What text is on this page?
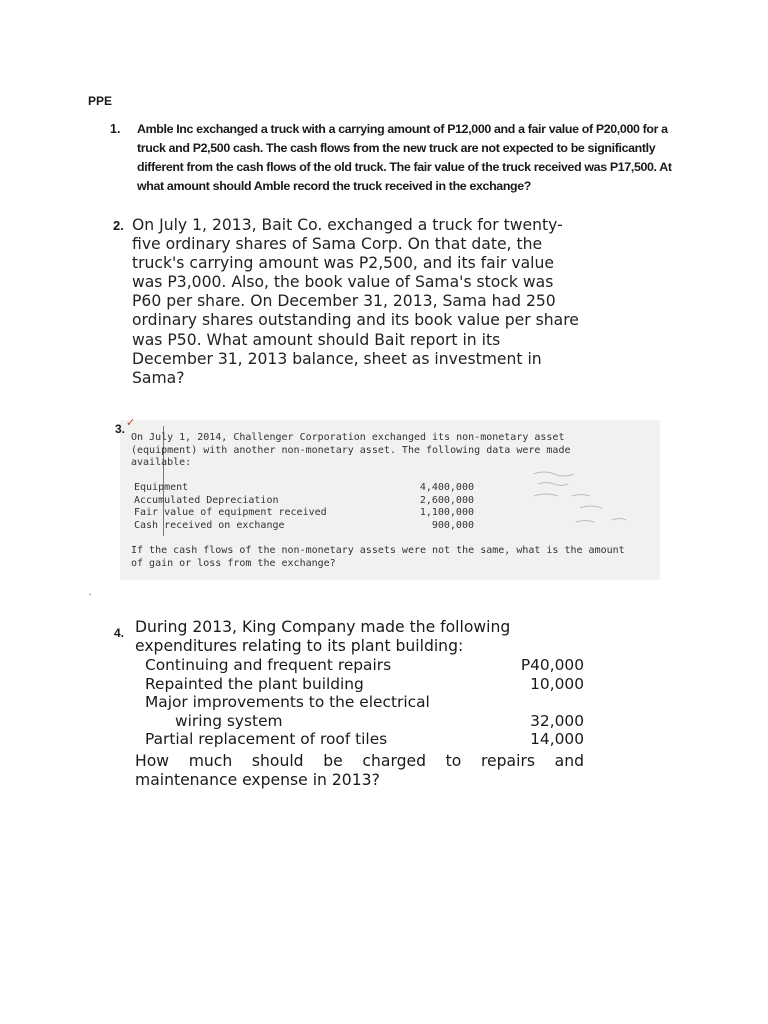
PPE
1. Amble Inc exchanged a truck with a carrying amount of P12,000 and a fair value of P20,000 for a truck and P2,500 cash. The cash flows from the new truck are not expected to be significantly different from the cash flows of the old truck. The fair value of the truck received was P17,500. At what amount should Amble record the truck received in the exchange?
2. On July 1, 2013, Bait Co. exchanged a truck for twenty-five ordinary shares of Sama Corp. On that date, the truck's carrying amount was P2,500, and its fair value was P3,000. Also, the book value of Sama's stock was P60 per share. On December 31, 2013, Sama had 250 ordinary shares outstanding and its book value per share was P50. What amount should Bait report in its December 31, 2013 balance, sheet as investment in Sama?
3. ✓
On July 1, 2014, Challenger Corporation exchanged its non-monetary asset (equipment) with another non-monetary asset. The following data were made available:
Equipment	4,400,000
Accumulated Depreciation	2,600,000
Fair value of equipment received	1,100,000
Cash received on exchange	900,000
If the cash flows of the non-monetary assets were not the same, what is the amount of gain or loss from the exchange?
’
4. During 2013, King Company made the following expenditures relating to its plant building:
Continuing and frequent repairs	P40,000
Repainted the plant building	10,000
Major improvements to the electrical
wiring system	32,000
Partial replacement of roof tiles	14,000
How much should be charged to repairs and
maintenance expense in 2013?
